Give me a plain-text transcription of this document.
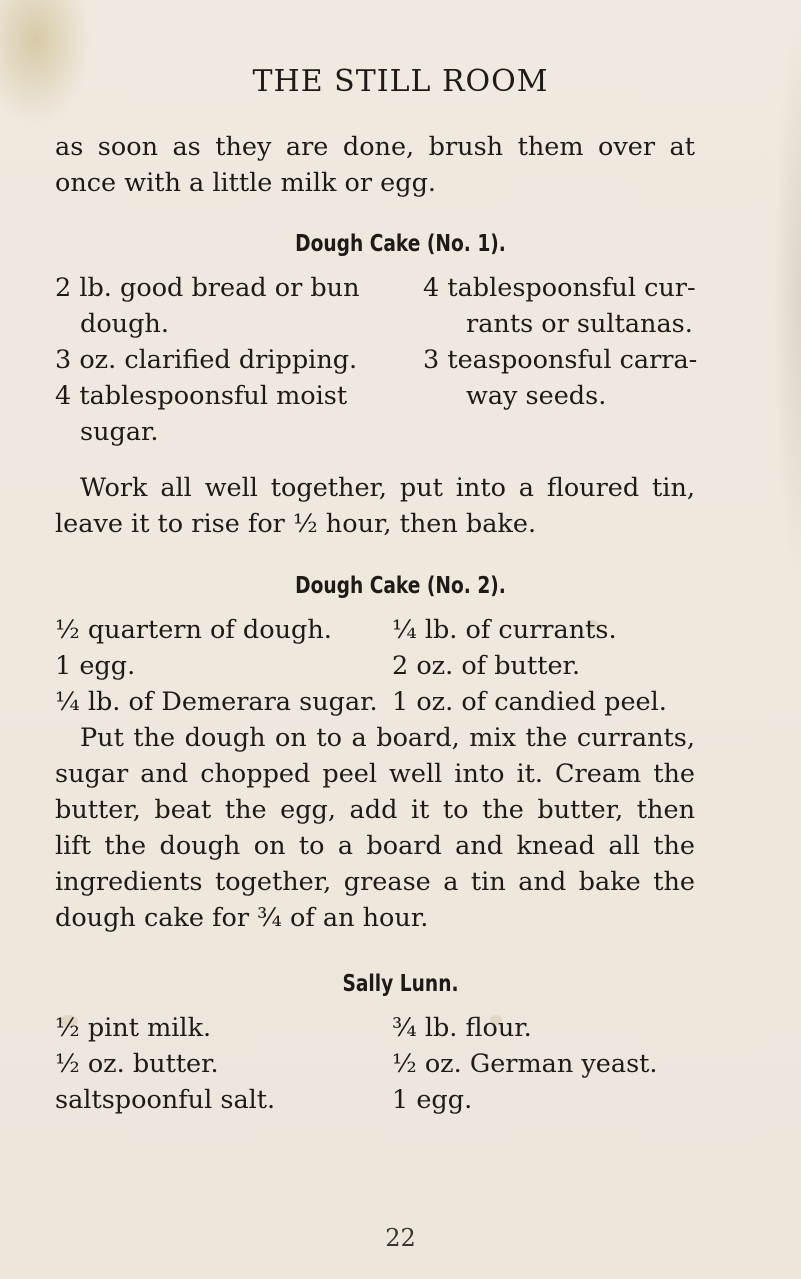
THE STILL ROOM
as soon as they are done, brush them over at
once with a little milk or egg.
Dough Cake (No. 1).
2 lb. good bread or bun
dough.
3 oz. clarified dripping.
4 tablespoonsful moist
sugar.
4 tablespoonsful cur-
rants or sultanas.
3 teaspoonsful carra-
way seeds.
Work all well together, put into a floured tin,
leave it to rise for ½ hour, then bake.
Dough Cake (No. 2).
½ quartern of dough.
1 egg.
¼ lb. of Demerara sugar.
¼ lb. of currants.
2 oz. of butter.
1 oz. of candied peel.
Put the dough on to a board, mix the currants,
sugar and chopped peel well into it. Cream the
butter, beat the egg, add it to the butter, then
lift the dough on to a board and knead all the
ingredients together, grease a tin and bake the
dough cake for ¾ of an hour.
Sally Lunn.
½ pint milk.
½ oz. butter.
saltspoonful salt.
¾ lb. flour.
½ oz. German yeast.
1 egg.
22
